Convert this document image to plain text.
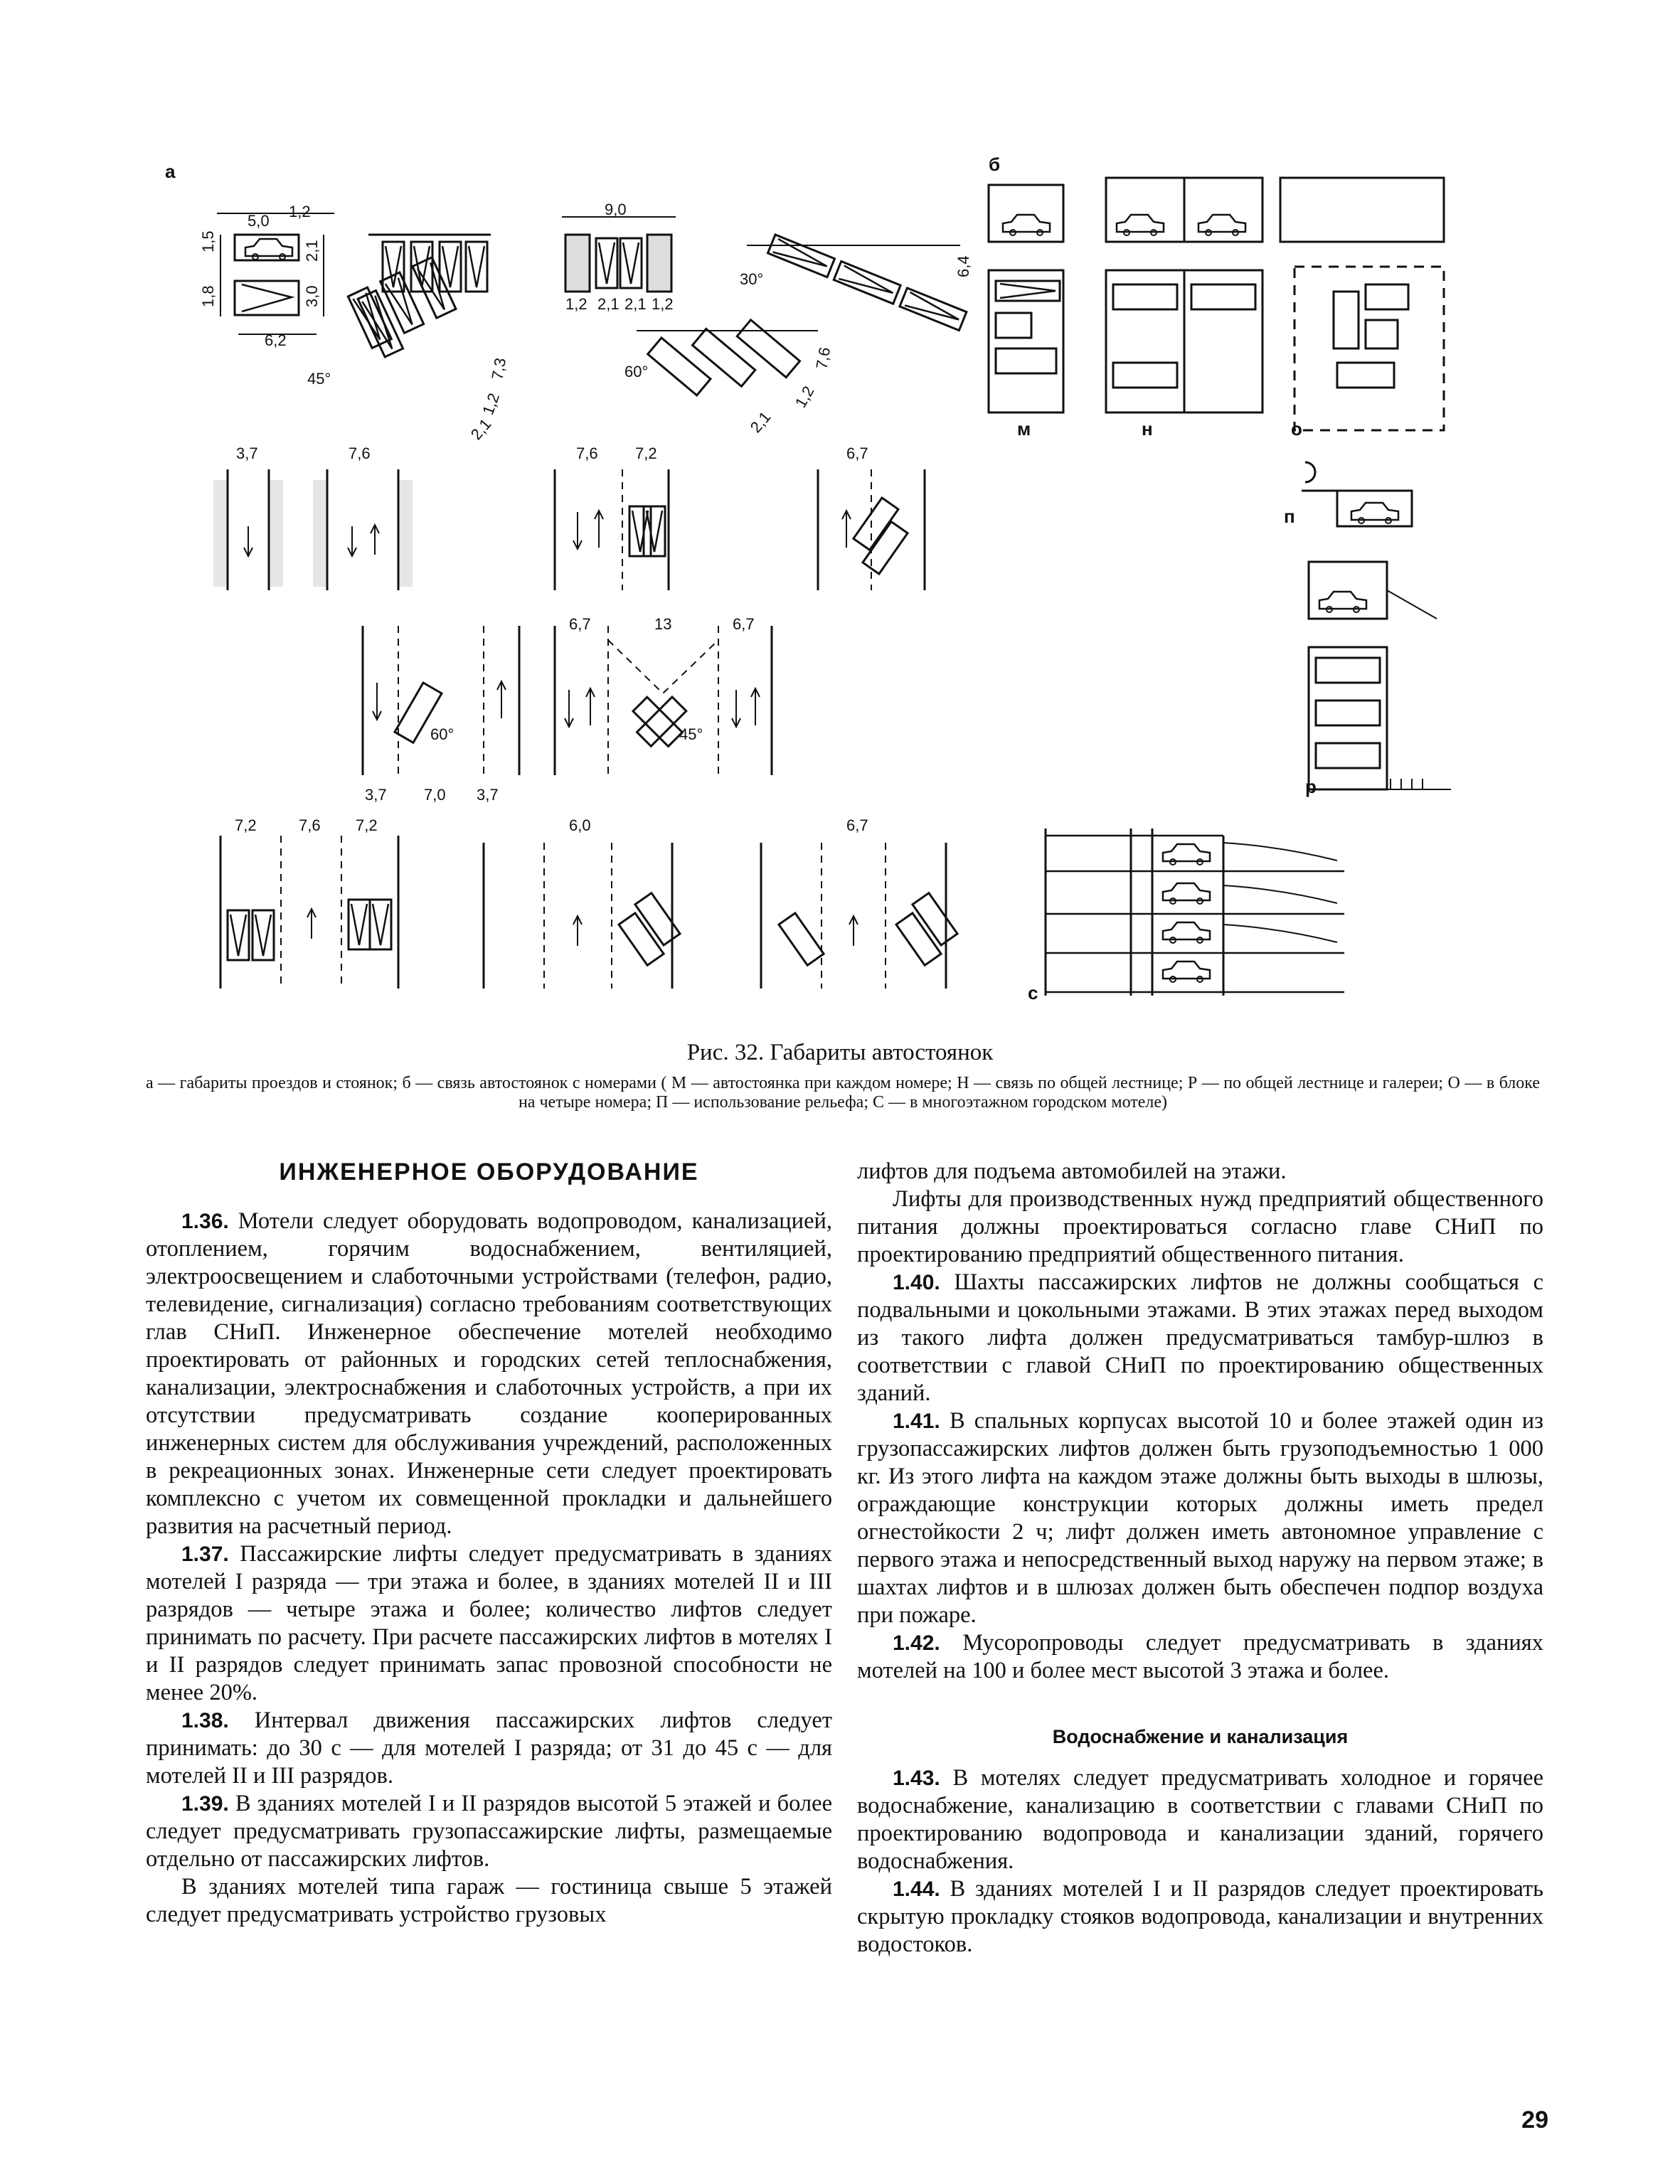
а
5,0
1,2
1,5	2,1
1,8	3,0
6,2
45°	7,3
1,2
2,1
9,0
1,2 2,1 2,1 1,2
30°
6,4
60°
7,6
1,2
2,1
3,7	7,6	7,6 7,2	6,7
60°
3,7 7,0 3,7
6,7	13	6,7
45°
7,2	7,6 7,2	6,0	6,7
б
м	н	о
п
р
с
Рис. 32. Габариты автостоянок
а — габариты проездов и стоянок; б — связь автостоянок с номерами ( М — автостоянка при каждом номере; Н — связь по общей лестнице; Р — по общей лестнице и галереи; О — в блоке на четыре номера; П — использование рельефа; С — в многоэтажном городском мотеле)
ИНЖЕНЕРНОЕ ОБОРУДОВАНИЕ

1.36. Мотели следует оборудовать водопроводом, канализацией, отоплением, горячим водоснабжением, вентиляцией, электроосвещением и слаботочными устройствами (телефон, радио, телевидение, сигнализация) согласно требованиям соответствующих глав СНиП. Инженерное обеспечение мотелей необходимо проектировать от районных и городских сетей теплоснабжения, канализации, электроснабжения и слаботочных устройств, а при их отсутствии предусматривать создание кооперированных инженерных систем для обслуживания учреждений, расположенных в рекреационных зонах. Инженерные сети следует проектировать комплексно с учетом их совмещенной прокладки и дальнейшего развития на расчетный период.

1.37. Пассажирские лифты следует предусматривать в зданиях мотелей I разряда — три этажа и более, в зданиях мотелей II и III разрядов — четыре этажа и более; количество лифтов следует принимать по расчету. При расчете пассажирских лифтов в мотелях I и II разрядов следует принимать запас провозной способности не менее 20%.

1.38. Интервал движения пассажирских лифтов следует принимать: до 30 с — для мотелей I разряда; от 31 до 45 с — для мотелей II и III разрядов.

1.39. В зданиях мотелей I и II разрядов высотой 5 этажей и более следует предусматривать грузопассажирские лифты, размещаемые отдельно от пассажирских лифтов.

В зданиях мотелей типа гараж — гостиница свыше 5 этажей следует предусматривать устройство грузовых

лифтов для подъема автомобилей на этажи.

Лифты для производственных нужд предприятий общественного питания должны проектироваться согласно главе СНиП по проектированию предприятий общественного питания.

1.40. Шахты пассажирских лифтов не должны сообщаться с подвальными и цокольными этажами. В этих этажах перед выходом из такого лифта должен предусматриваться тамбур-шлюз в соответствии с главой СНиП по проектированию общественных зданий.

1.41. В спальных корпусах высотой 10 и более этажей один из грузопассажирских лифтов должен быть грузоподъемностью 1 000 кг. Из этого лифта на каждом этаже должны быть выходы в шлюзы, ограждающие конструкции которых должны иметь предел огнестойкости 2 ч; лифт должен иметь автономное управление с первого этажа и непосредственный выход наружу на первом этаже; в шахтах лифтов и в шлюзах должен быть обеспечен подпор воздуха при пожаре.

1.42. Мусоропроводы следует предусматривать в зданиях мотелей на 100 и более мест высотой 3 этажа и более.

Водоснабжение и канализация

1.43. В мотелях следует предусматривать холодное и горячее водоснабжение, канализацию в соответствии с главами СНиП по проектированию водопровода и канализации зданий, горячего водоснабжения.

1.44. В зданиях мотелей I и II разрядов следует проектировать скрытую прокладку стояков водопровода, канализации и внутренних водостоков.

29
